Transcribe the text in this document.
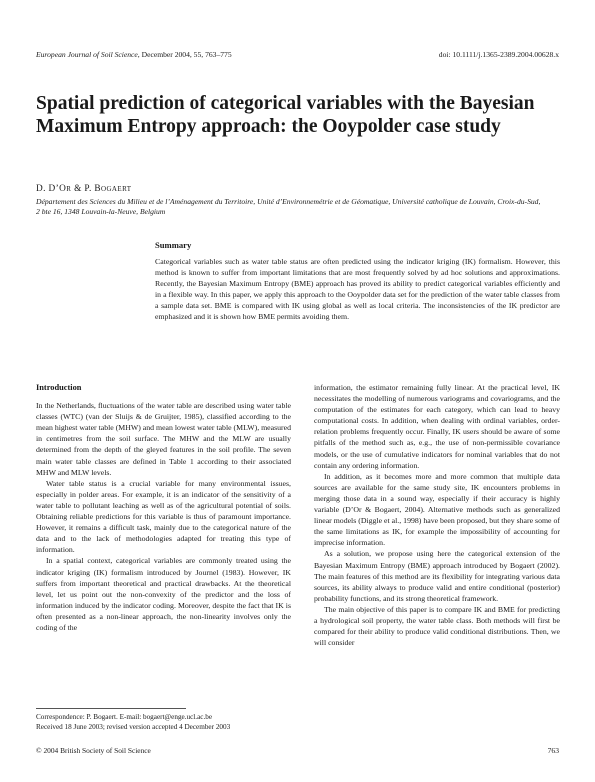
European Journal of Soil Science, December 2004, 55, 763–775	doi: 10.1111/j.1365-2389.2004.00628.x
Spatial prediction of categorical variables with the Bayesian Maximum Entropy approach: the Ooypolder case study
D. D’Or & P. Bogaert
Département des Sciences du Milieu et de l’Aménagement du Territoire, Unité d’Environnemétrie et de Géomatique, Université catholique de Louvain, Croix-du-Sud, 2 bte 16, 1348 Louvain-la-Neuve, Belgium
Summary
Categorical variables such as water table status are often predicted using the indicator kriging (IK) formalism. However, this method is known to suffer from important limitations that are most frequently solved by ad hoc solutions and approximations. Recently, the Bayesian Maximum Entropy (BME) approach has proved its ability to predict categorical variables efficiently and in a flexible way. In this paper, we apply this approach to the Ooypolder data set for the prediction of the water table classes from a sample data set. BME is compared with IK using global as well as local criteria. The inconsistencies of the IK predictor are emphasized and it is shown how BME permits avoiding them.
Introduction

In the Netherlands, fluctuations of the water table are described using water table classes (WTC) (van der Sluijs & de Gruijter, 1985), classified according to the mean highest water table (MHW) and mean lowest water table (MLW), measured in centimetres from the soil surface. The MHW and the MLW are usually determined from the depth of the gleyed features in the soil profile. The seven main water table classes are defined in Table 1 according to their associated MHW and MLW levels.

Water table status is a crucial variable for many environmental issues, especially in polder areas. For example, it is an indicator of the sensitivity of a water table to pollutant leaching as well as of the agricultural potential of soils. Obtaining reliable predictions for this variable is thus of paramount importance. However, it remains a difficult task, mainly due to the categorical nature of the data and to the lack of methodologies adapted for treating this type of information.

In a spatial context, categorical variables are commonly treated using the indicator kriging (IK) formalism introduced by Journel (1983). However, IK suffers from important theoretical and practical drawbacks. At the theoretical level, let us point out the non-convexity of the predictor and the loss of information induced by the indicator coding. Moreover, despite the fact that IK is often presented as a non-linear approach, the non-linearity involves only the coding of the

information, the estimator remaining fully linear. At the practical level, IK necessitates the modelling of numerous variograms and covariograms, and the computation of the estimates for each category, which can lead to heavy computational costs. In addition, when dealing with ordinal variables, order-relation problems frequently occur. Finally, IK users should be aware of some pitfalls of the method such as, e.g., the use of non-permissible covariance models, or the use of cumulative indicators for nominal variables that do not contain any ordering information.

In addition, as it becomes more and more common that multiple data sources are available for the same study site, IK encounters problems in merging those data in a sound way, especially if their accuracy is highly variable (D’Or & Bogaert, 2004). Alternative methods such as generalized linear models (Diggle et al., 1998) have been proposed, but they share some of the same limitations as IK, for example the impossibility of accounting for imprecise information.

As a solution, we propose using here the categorical extension of the Bayesian Maximum Entropy (BME) approach introduced by Bogaert (2002). The main features of this method are its flexibility for integrating various data sources, its ability always to produce valid and entire conditional (posterior) probability functions, and its strong theoretical framework.

The main objective of this paper is to compare IK and BME for predicting a hydrological soil property, the water table class. Both methods will first be compared for their ability to produce valid conditional distributions. Then, we will consider

Correspondence: P. Bogaert. E-mail: bogaert@enge.ucl.ac.be
Received 18 June 2003; revised version accepted 4 December 2003
© 2004 British Society of Soil Science	763
